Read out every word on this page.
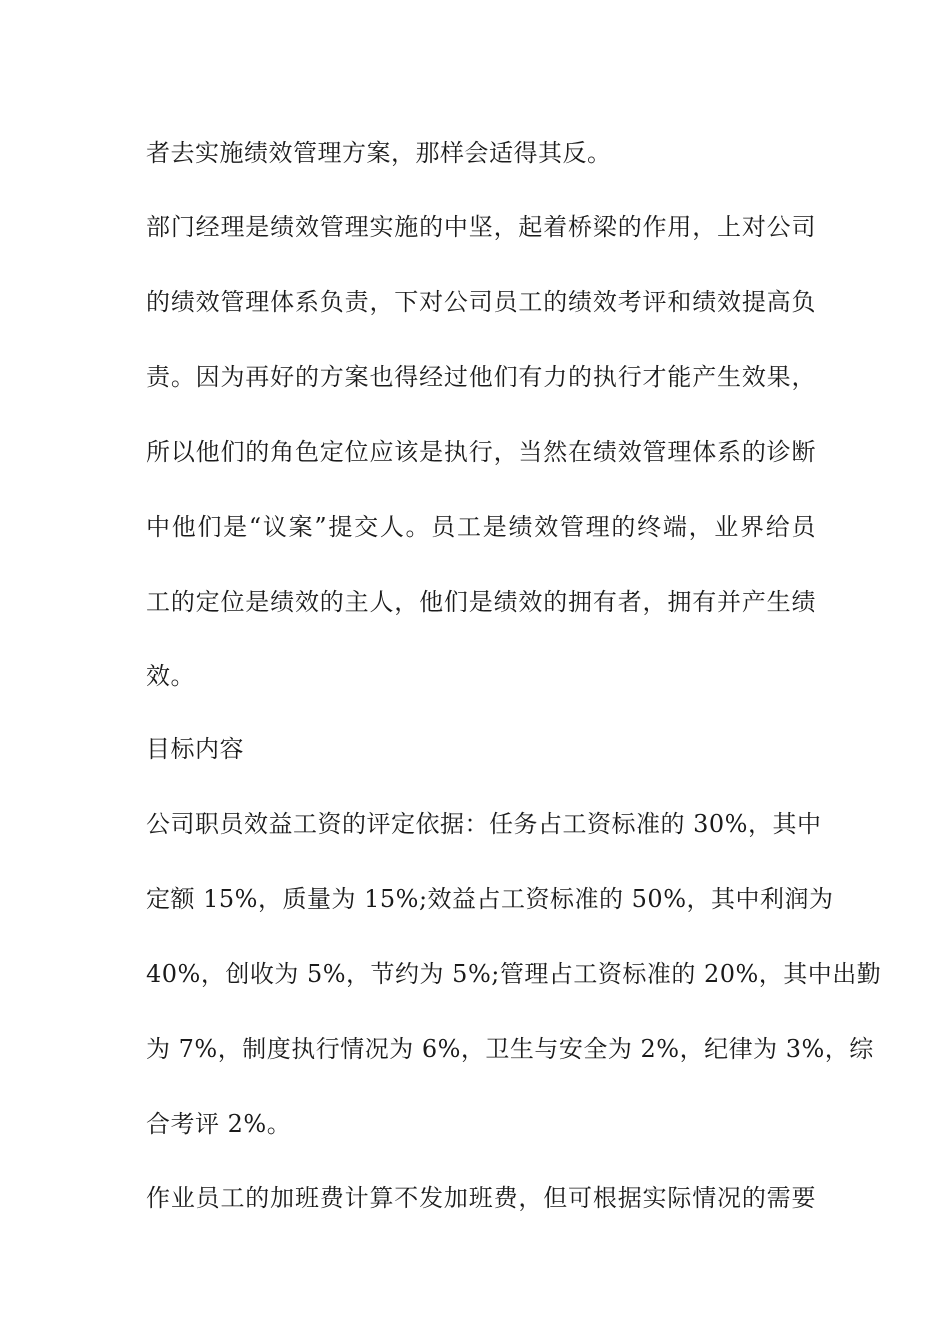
者去实施绩效管理方案，那样会适得其反。
部门经理是绩效管理实施的中坚，起着桥梁的作用，上对公司
的绩效管理体系负责，下对公司员工的绩效考评和绩效提高负
责。因为再好的方案也得经过他们有力的执行才能产生效果，
所以他们的角色定位应该是执行，当然在绩效管理体系的诊断
中他们是“议案”提交人。员工是绩效管理的终端，业界给员
工的定位是绩效的主人，他们是绩效的拥有者，拥有并产生绩
效。
目标内容
公司职员效益工资的评定依据：任务占工资标准的 30%，其中
定额 15%，质量为 15%;效益占工资标准的 50%，其中利润为
40%，创收为 5%，节约为 5%;管理占工资标准的 20%，其中出勤
为 7%，制度执行情况为 6%，卫生与安全为 2%，纪律为 3%，综
合考评 2%。
作业员工的加班费计算不发加班费，但可根据实际情况的需要
